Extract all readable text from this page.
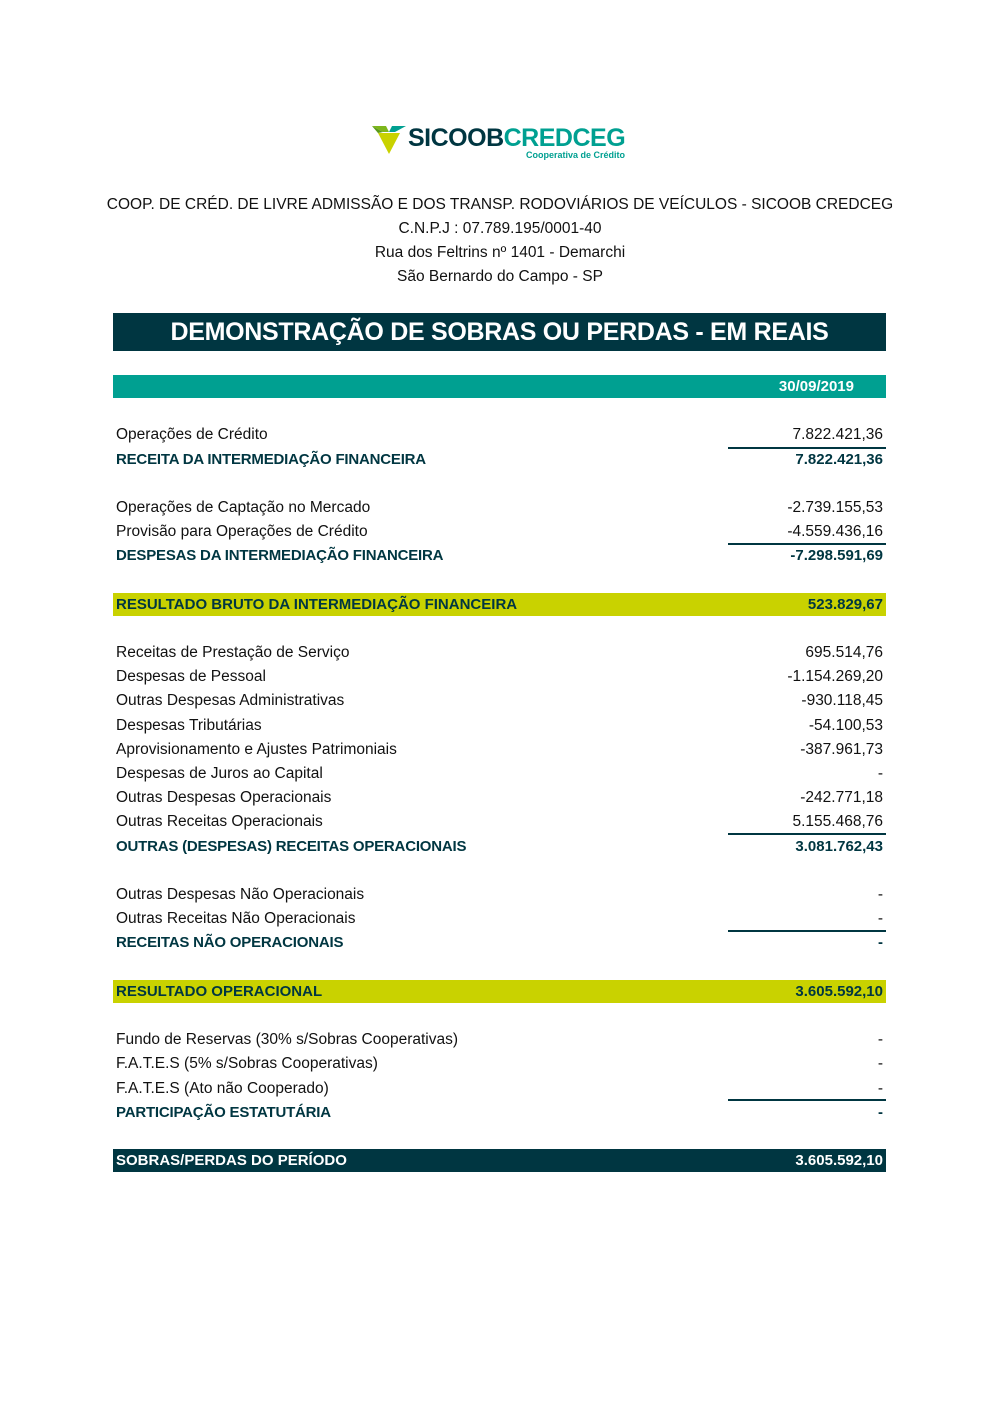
SICOOBCREDCEG
Cooperativa de Crédito
COOP. DE CRÉD. DE LIVRE ADMISSÃO E DOS TRANSP. RODOVIÁRIOS DE VEÍCULOS - SICOOB CREDCEG
C.N.P.J : 07.789.195/0001-40
Rua dos Feltrins nº 1401 - Demarchi
São Bernardo do Campo - SP
DEMONSTRAÇÃO DE SOBRAS OU PERDAS - EM REAIS
30/09/2019
Operações de Crédito	7.822.421,36
RECEITA DA INTERMEDIAÇÃO FINANCEIRA	7.822.421,36
Operações de Captação no Mercado	-2.739.155,53
Provisão para Operações de Crédito	-4.559.436,16
DESPESAS DA INTERMEDIAÇÃO FINANCEIRA	-7.298.591,69
RESULTADO BRUTO DA INTERMEDIAÇÃO FINANCEIRA	523.829,67
Receitas de Prestação de Serviço	695.514,76
Despesas de Pessoal	-1.154.269,20
Outras Despesas Administrativas	-930.118,45
Despesas Tributárias	-54.100,53
Aprovisionamento e Ajustes Patrimoniais	-387.961,73
Despesas de Juros ao Capital	-
Outras Despesas Operacionais	-242.771,18
Outras Receitas Operacionais	5.155.468,76
OUTRAS (DESPESAS) RECEITAS OPERACIONAIS	3.081.762,43
Outras Despesas Não Operacionais	-
Outras Receitas Não Operacionais	-
RECEITAS NÃO OPERACIONAIS	-
RESULTADO OPERACIONAL	3.605.592,10
Fundo de Reservas (30% s/Sobras Cooperativas)	-
F.A.T.E.S (5% s/Sobras Cooperativas)	-
F.A.T.E.S (Ato não Cooperado)	-
PARTICIPAÇÃO ESTATUTÁRIA	-
SOBRAS/PERDAS DO PERÍODO	3.605.592,10
